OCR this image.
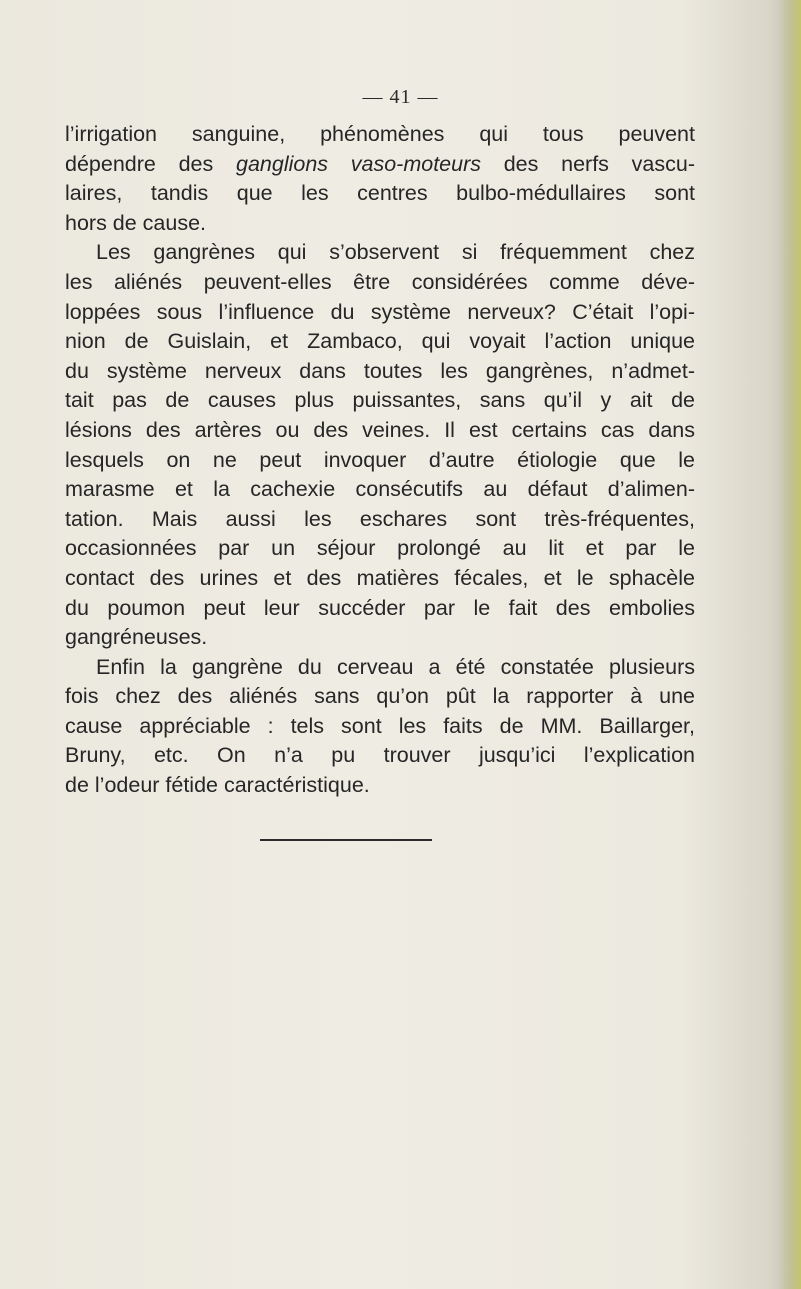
— 41 —
l’irrigation sanguine, phénomènes qui tous peuvent
dépendre des ganglions vaso-moteurs des nerfs vascu-
laires, tandis que les centres bulbo-médullaires sont
hors de cause.
Les gangrènes qui s’observent si fréquemment chez
les aliénés peuvent-elles être considérées comme déve-
loppées sous l’influence du système nerveux? C’était l’opi-
nion de Guislain, et Zambaco, qui voyait l’action unique
du système nerveux dans toutes les gangrènes, n’admet-
tait pas de causes plus puissantes, sans qu’il y ait de
lésions des artères ou des veines. Il est certains cas dans
lesquels on ne peut invoquer d’autre étiologie que le
marasme et la cachexie consécutifs au défaut d’alimen-
tation. Mais aussi les eschares sont très-fréquentes,
occasionnées par un séjour prolongé au lit et par le
contact des urines et des matières fécales, et le sphacèle
du poumon peut leur succéder par le fait des embolies
gangréneuses.
Enfin la gangrène du cerveau a été constatée plusieurs
fois chez des aliénés sans qu’on pût la rapporter à une
cause appréciable : tels sont les faits de MM. Baillarger,
Bruny, etc. On n’a pu trouver jusqu’ici l’explication
de l’odeur fétide caractéristique.
